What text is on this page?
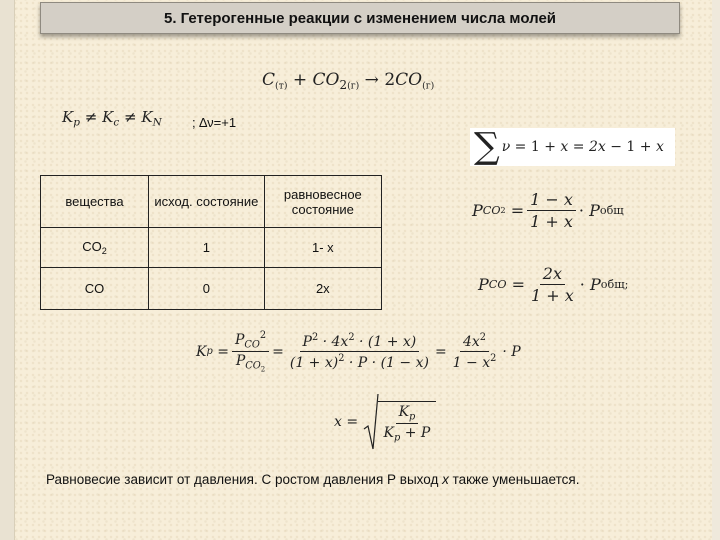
5. Гетерогенные реакции с изменением числа молей
$C_{(т)} + CO_{2(г)} \to 2CO_{(г)}$
$K_p \ne K_c \ne K_N$ ; ∆ν=+1
∑ ν
=
1
+
x
=
2x
−
1
+
x
вещества	исход. состояние	равновесное состояние
$CO_2$	1	1- x
CO	0	2x
P CO 2
= $\frac{1 - x}{1 + x}$ ·
P общ
P CO
= $\frac{2x}{1 + x}$ ·
P общ;
K p
= $\frac{P_{CO}^2}{P_{CO2}} = \frac{P^2 \cdot 4x^2 \cdot (1 + x)}{(1 + x)^2 \cdot P \cdot (1 - x)} = \frac{4x^2}{1 - x^2} \cdot P$
x
=
$\frac{K_p}{K_p + P}$
Равновесие зависит от давления. С ростом давления Р выход x также уменьшается.
